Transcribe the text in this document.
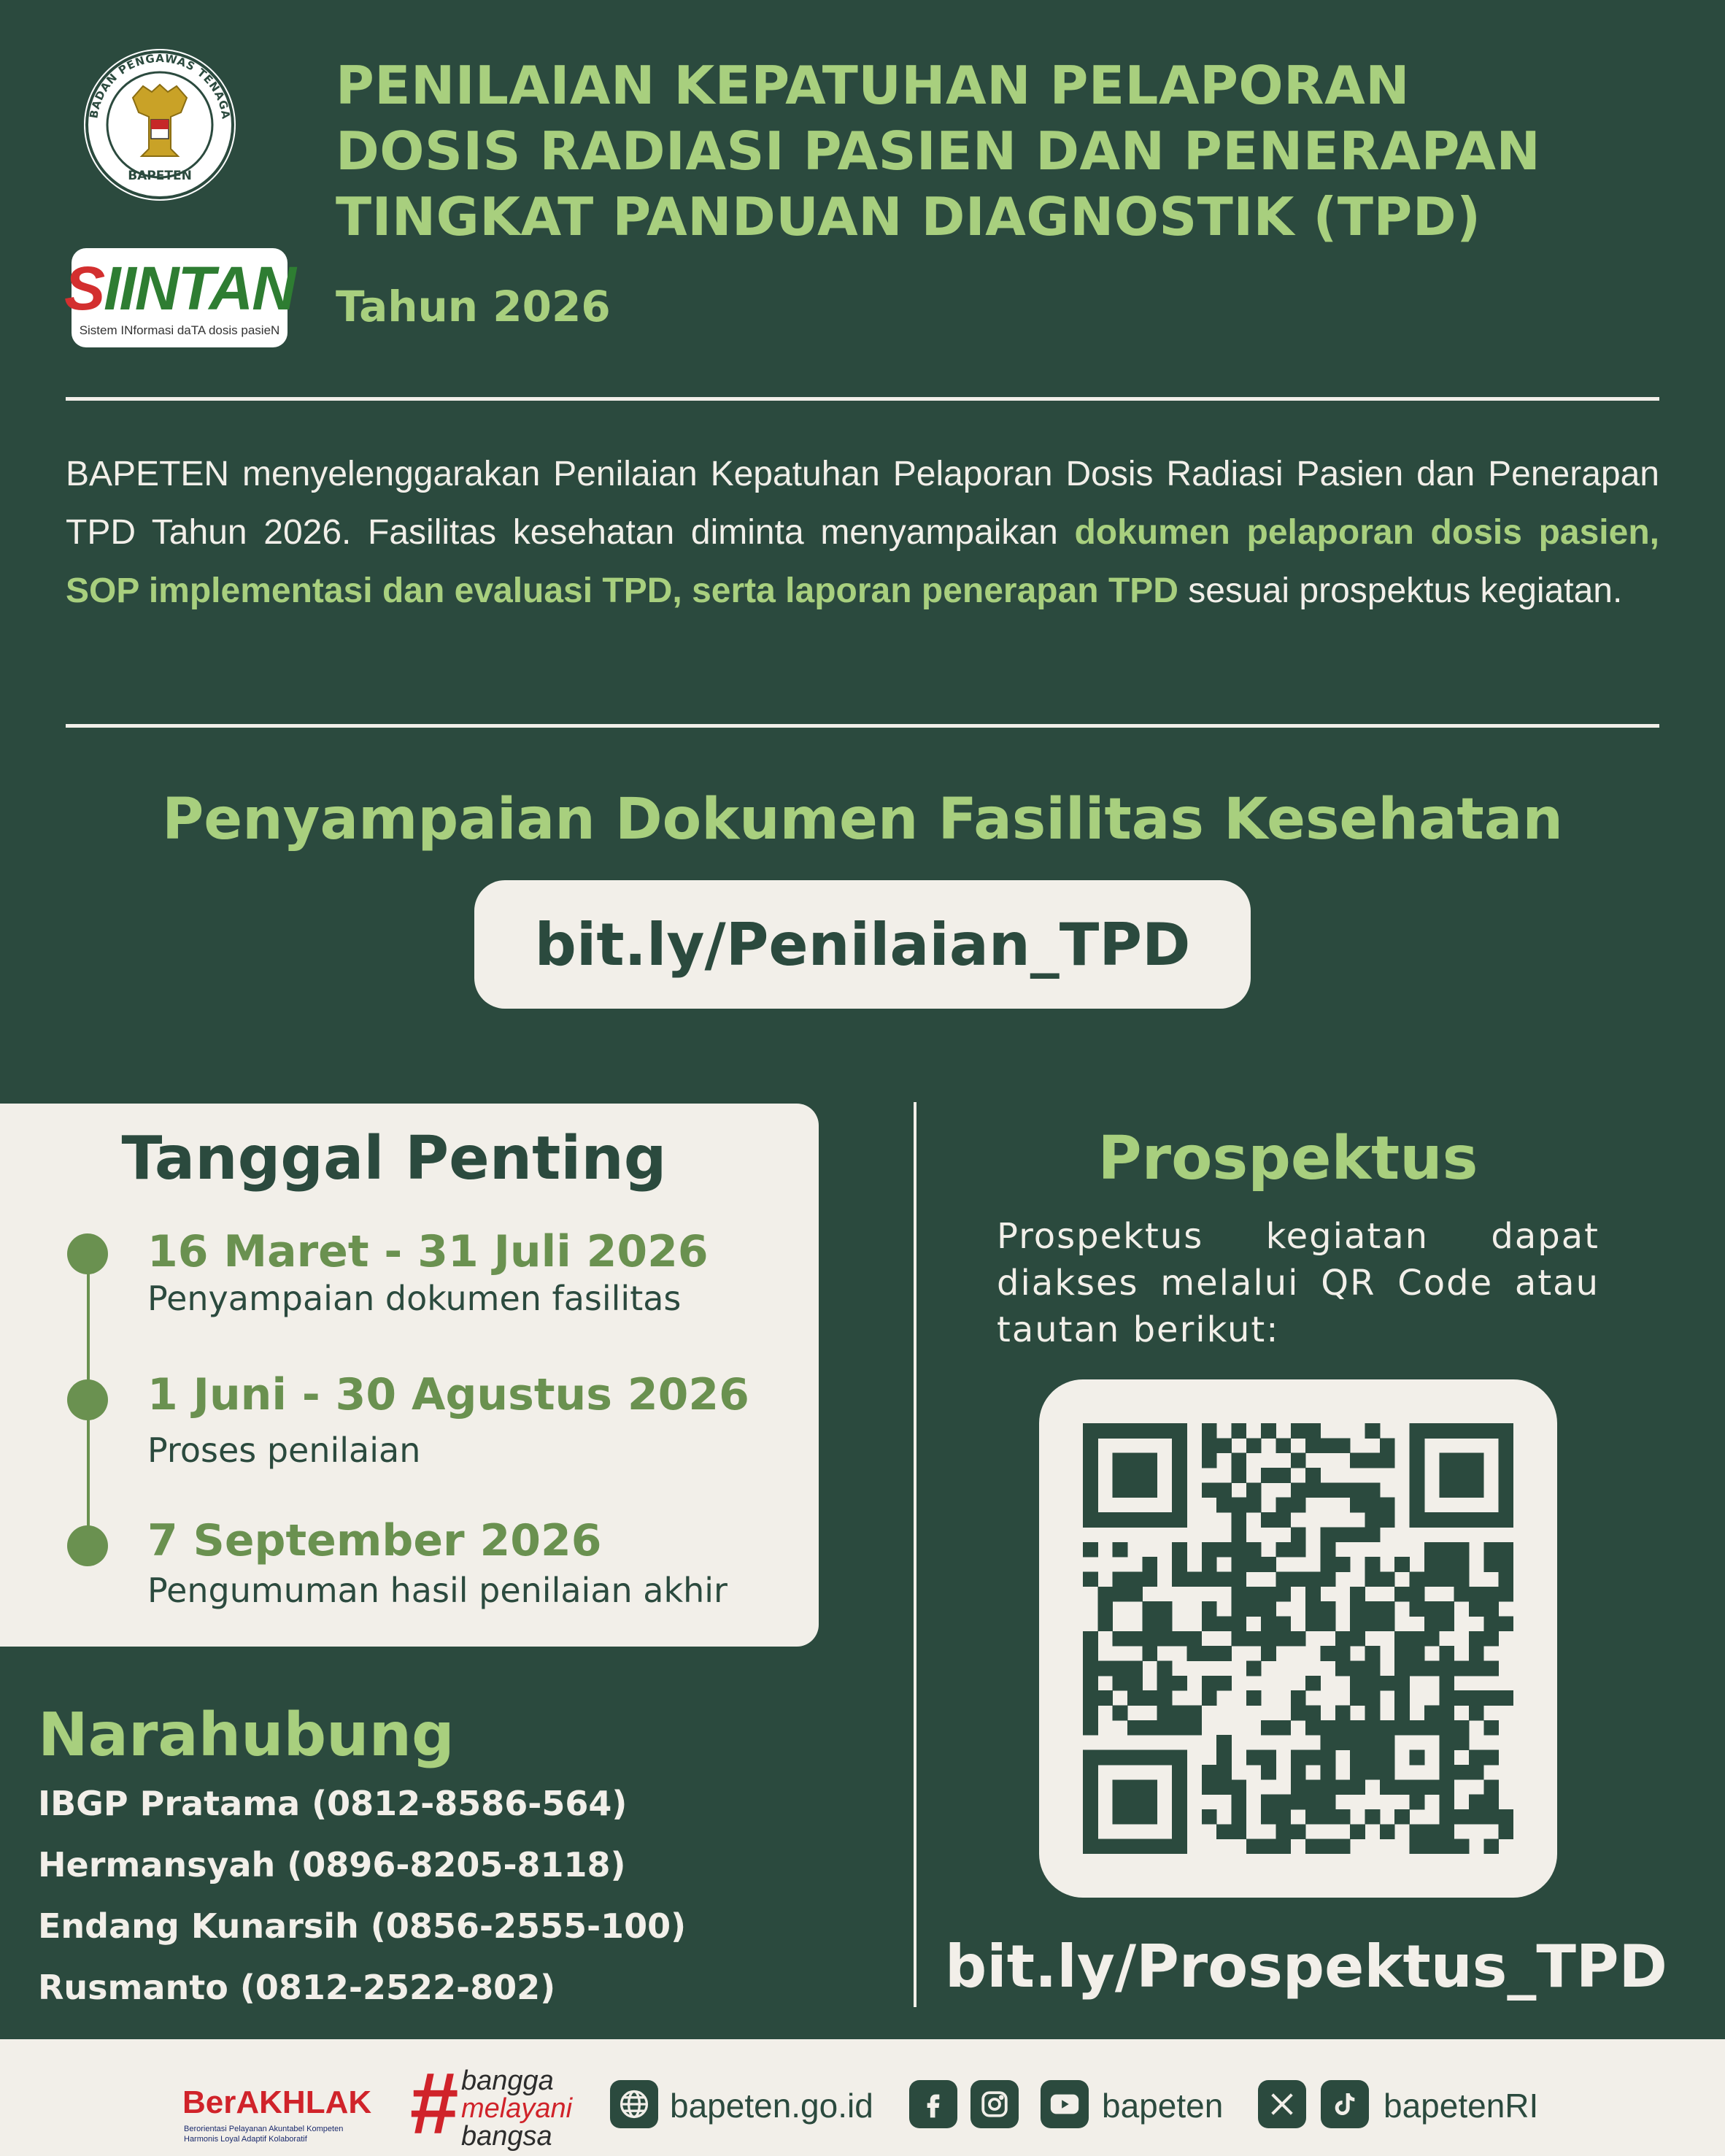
BADAN PENGAWAS TENAGA
BAPETEN
SIINTAN
Sistem INformasi daTA dosis pasieN
PENILAIAN KEPATUHAN PELAPORAN
DOSIS RADIASI PASIEN DAN PENERAPAN
TINGKAT PANDUAN DIAGNOSTIK (TPD)
Tahun 2026
BAPETEN menyelenggarakan Penilaian Kepatuhan Pelaporan Dosis Radiasi Pasien dan Penerapan TPD Tahun 2026. Fasilitas kesehatan diminta menyampaikan dokumen pelaporan dosis pasien, SOP implementasi dan evaluasi TPD, serta laporan penerapan TPD sesuai prospektus kegiatan.
Penyampaian Dokumen Fasilitas Kesehatan
bit.ly/Penilaian_TPD
Tanggal Penting
16 Maret - 31 Juli 2026
Penyampaian dokumen fasilitas
1 Juni - 30 Agustus 2026
Proses penilaian
7 September 2026
Pengumuman hasil penilaian akhir
Narahubung
IBGP Pratama (0812-8586-564)
Hermansyah (0896-8205-8118)
Endang Kunarsih (0856-2555-100)
Rusmanto (0812-2522-802)
Prospektus
Prospektus kegiatan dapat diakses melalui QR Code atau tautan berikut:
bit.ly/Prospektus_TPD
BerAKHLAK
Berorientasi Pelayanan Akuntabel Kompeten
Harmonis Loyal Adaptif Kolaboratif	# bangga
melayani
bangsa
bapeten.go.id	bapeten	bapetenRI
